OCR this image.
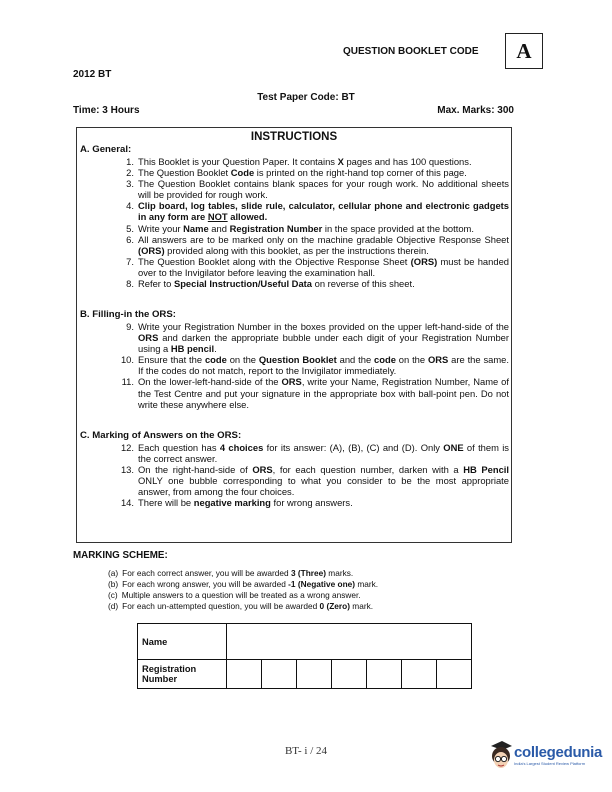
QUESTION BOOKLET CODE	A
2012 BT
Test Paper Code: BT
Time: 3 Hours	Max. Marks: 300
INSTRUCTIONS
A. General:
1. This Booklet is your Question Paper. It contains X pages and has 100 questions.
2. The Question Booklet Code is printed on the right-hand top corner of this page.
3. The Question Booklet contains blank spaces for your rough work. No additional sheets will be provided for rough work.
4. Clip board, log tables, slide rule, calculator, cellular phone and electronic gadgets in any form are NOT allowed.
5. Write your Name and Registration Number in the space provided at the bottom.
6. All answers are to be marked only on the machine gradable Objective Response Sheet (ORS) provided along with this booklet, as per the instructions therein.
7. The Question Booklet along with the Objective Response Sheet (ORS) must be handed over to the Invigilator before leaving the examination hall.
8. Refer to Special Instruction/Useful Data on reverse of this sheet.
B. Filling-in the ORS:
9. Write your Registration Number in the boxes provided on the upper left-hand-side of the ORS and darken the appropriate bubble under each digit of your Registration Number using a HB pencil.
10. Ensure that the code on the Question Booklet and the code on the ORS are the same. If the codes do not match, report to the Invigilator immediately.
11. On the lower-left-hand-side of the ORS, write your Name, Registration Number, Name of the Test Centre and put your signature in the appropriate box with ball-point pen. Do not write these anywhere else.
C. Marking of Answers on the ORS:
12. Each question has 4 choices for its answer: (A), (B), (C) and (D). Only ONE of them is the correct answer.
13. On the right-hand-side of ORS, for each question number, darken with a HB Pencil ONLY one bubble corresponding to what you consider to be the most appropriate answer, from among the four choices.
14. There will be negative marking for wrong answers.
MARKING SCHEME:
(a) For each correct answer, you will be awarded 3 (Three) marks.
(b) For each wrong answer, you will be awarded -1 (Negative one) mark.
(c) Multiple answers to a question will be treated as a wrong answer.
(d) For each un-attempted question, you will be awarded 0 (Zero) mark.
Name							
Registration
Number							
BT- i / 24	collegedunia
India's Largest Student Review Platform
